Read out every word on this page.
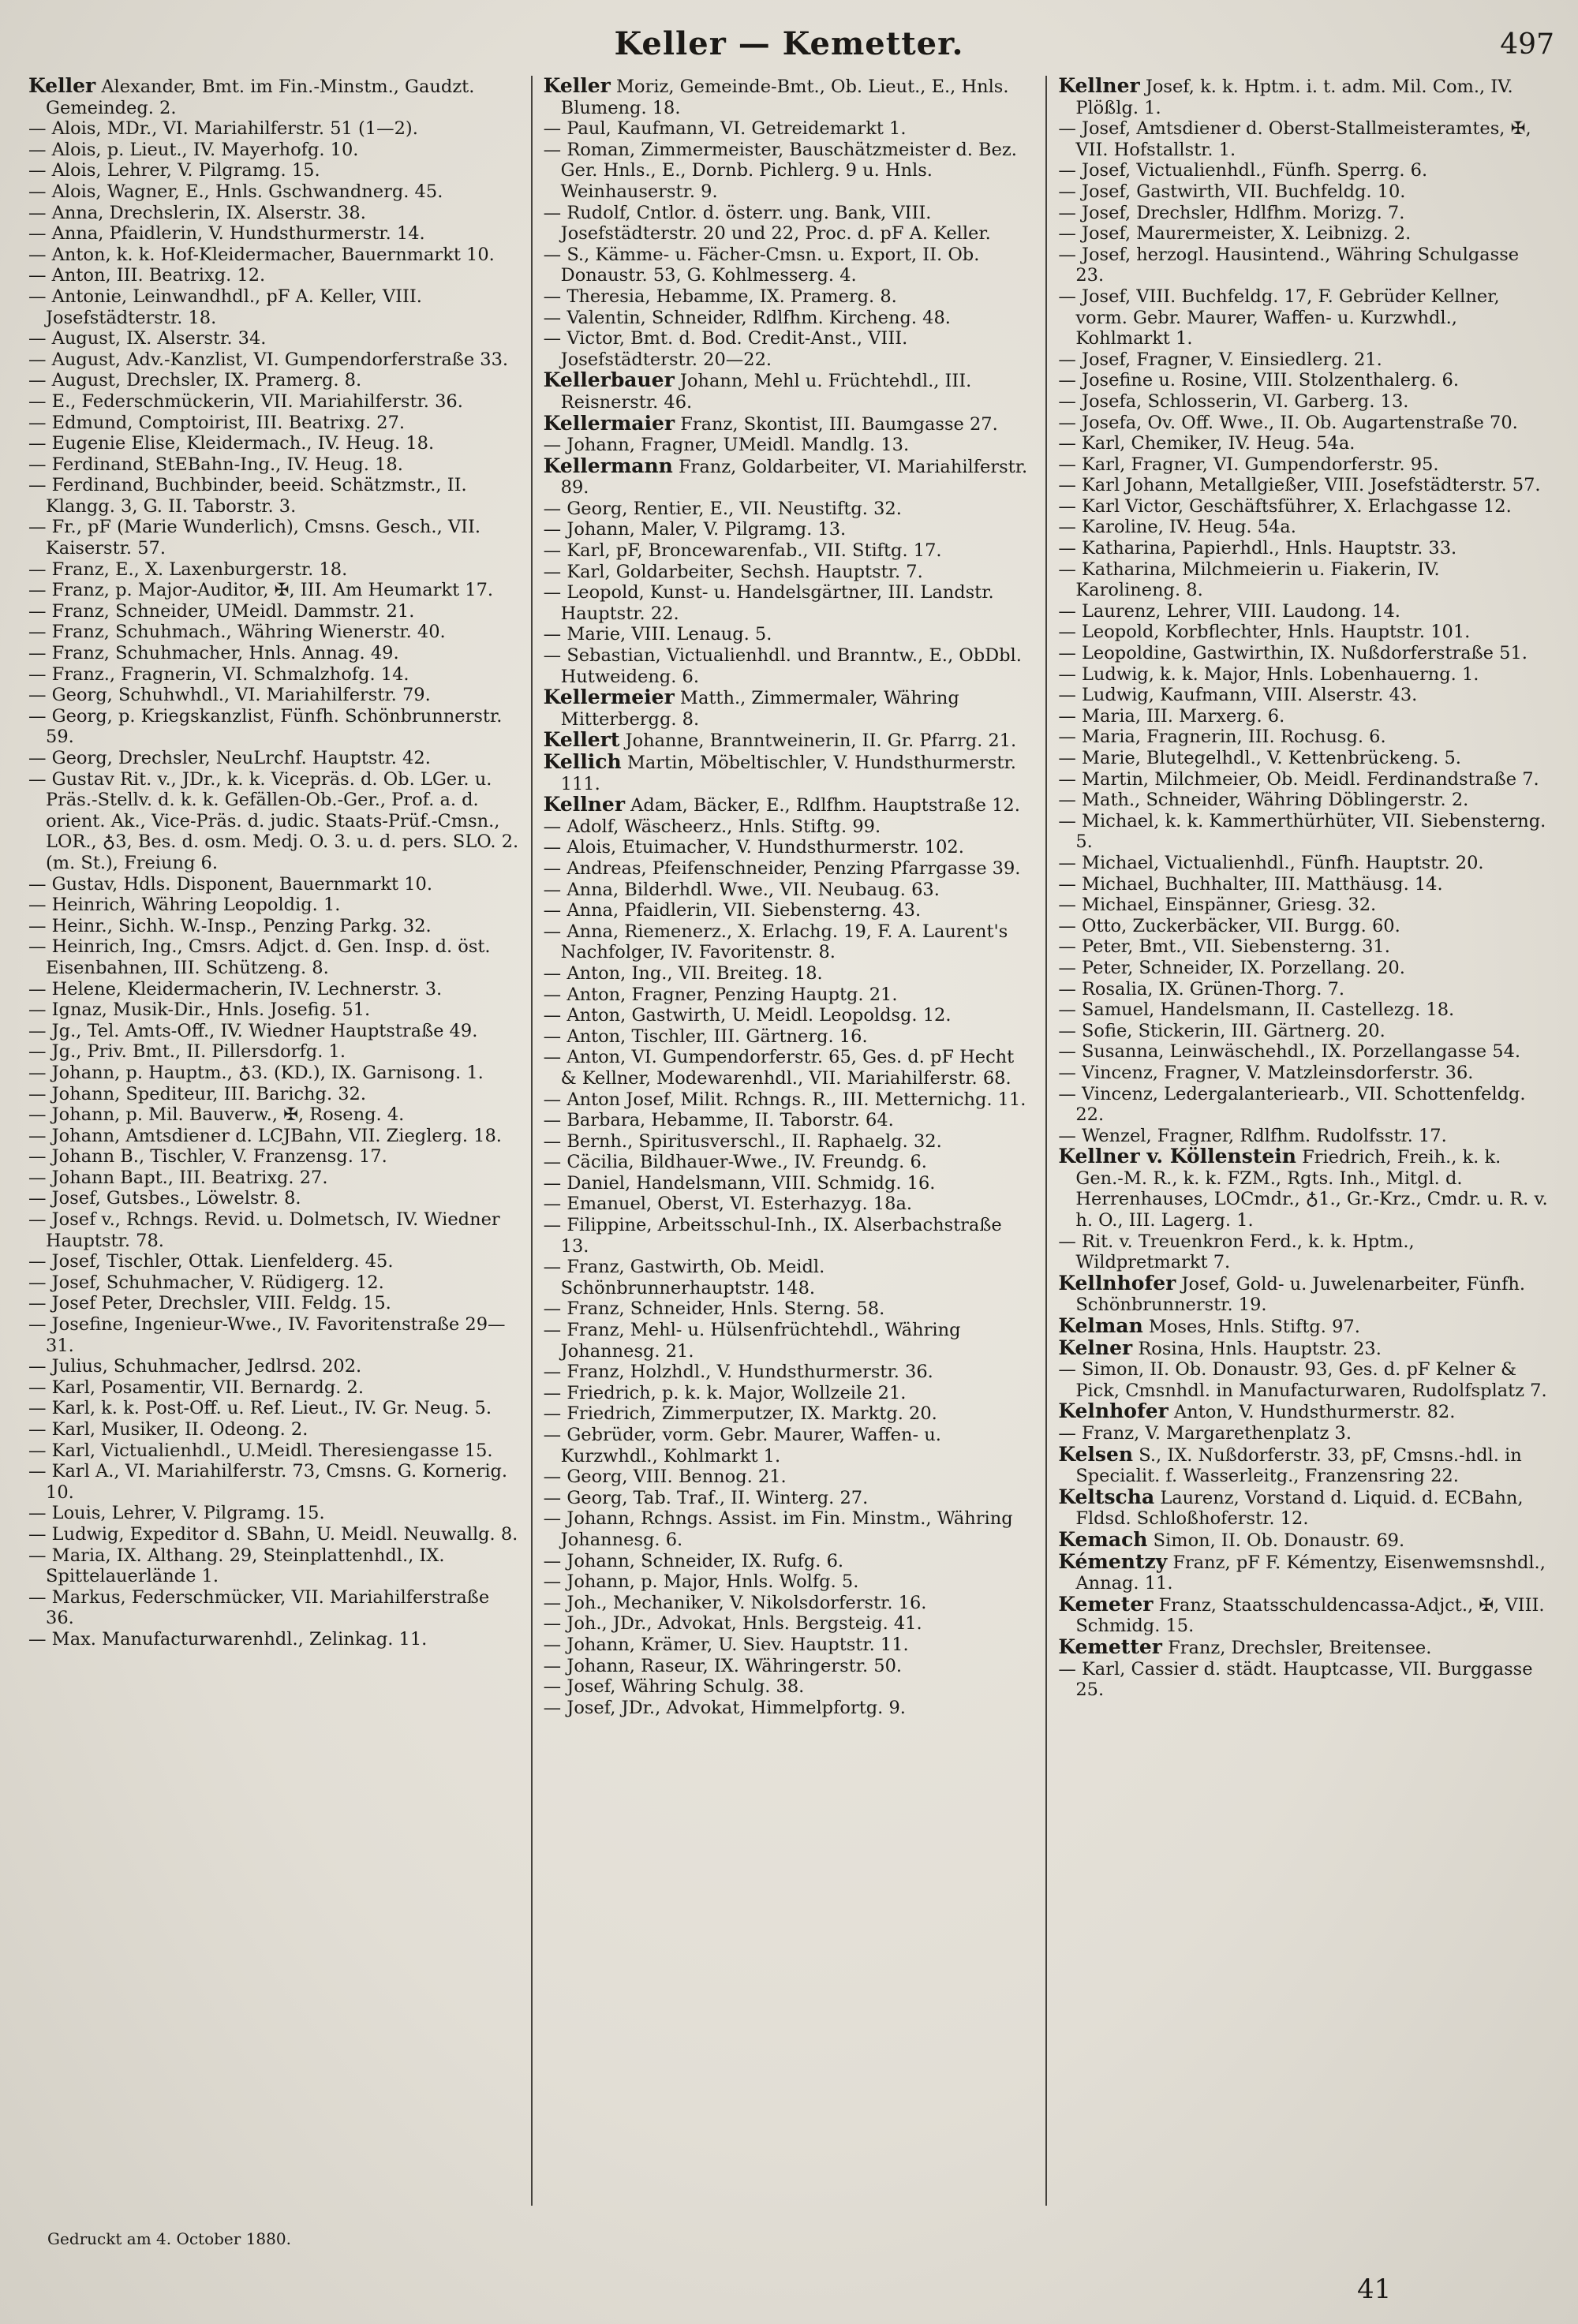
Keller — Kemetter.	497

Keller Alexander, Bmt. im Fin.-Minstm., Gaudzt. Gemeindeg. 2.

— Alois, MDr., VI. Mariahilferstr. 51 (1—2).

— Alois, p. Lieut., IV. Mayerhofg. 10.

— Alois, Lehrer, V. Pilgramg. 15.

— Alois, Wagner, E., Hnls. Gschwandnerg. 45.

— Anna, Drechslerin, IX. Alserstr. 38.

— Anna, Pfaidlerin, V. Hundsthurmerstr. 14.

— Anton, k. k. Hof-Kleidermacher, Bauernmarkt 10.

— Anton, III. Beatrixg. 12.

— Antonie, Leinwandhdl., pF A. Keller, VIII. Josefstädterstr. 18.

— August, IX. Alserstr. 34.

— August, Adv.-Kanzlist, VI. Gumpendorferstraße 33.

— August, Drechsler, IX. Pramerg. 8.

— E., Federschmückerin, VII. Mariahilferstr. 36.

— Edmund, Comptoirist, III. Beatrixg. 27.

— Eugenie Elise, Kleidermach., IV. Heug. 18.

— Ferdinand, StEBahn-Ing., IV. Heug. 18.

— Ferdinand, Buchbinder, beeid. Schätzmstr., II. Klangg. 3, G. II. Taborstr. 3.

— Fr., pF (Marie Wunderlich), Cmsns. Gesch., VII. Kaiserstr. 57.

— Franz, E., X. Laxenburgerstr. 18.

— Franz, p. Major-Auditor, ✠, III. Am Heumarkt 17.

— Franz, Schneider, UMeidl. Dammstr. 21.

— Franz, Schuhmach., Währing Wienerstr. 40.

— Franz, Schuhmacher, Hnls. Annag. 49.

— Franz., Fragnerin, VI. Schmalzhofg. 14.

— Georg, Schuhwhdl., VI. Mariahilferstr. 79.

— Georg, p. Kriegskanzlist, Fünfh. Schönbrunnerstr. 59.

— Georg, Drechsler, NeuLrchf. Hauptstr. 42.

— Gustav Rit. v., JDr., k. k. Vicepräs. d. Ob. LGer. u. Präs.-Stellv. d. k. k. Gefällen-Ob.-Ger., Prof. a. d. orient. Ak., Vice-Präs. d. judic. Staats-Prüf.-Cmsn., LOR., ♁3, Bes. d. osm. Medj. O. 3. u. d. pers. SLO. 2. (m. St.), Freiung 6.

— Gustav, Hdls. Disponent, Bauernmarkt 10.

— Heinrich, Währing Leopoldig. 1.

— Heinr., Sichh. W.-Insp., Penzing Parkg. 32.

— Heinrich, Ing., Cmsrs. Adjct. d. Gen. Insp. d. öst. Eisenbahnen, III. Schützeng. 8.

— Helene, Kleidermacherin, IV. Lechnerstr. 3.

— Ignaz, Musik-Dir., Hnls. Josefig. 51.

— Jg., Tel. Amts-Off., IV. Wiedner Hauptstraße 49.

— Jg., Priv. Bmt., II. Pillersdorfg. 1.

— Johann, p. Hauptm., ♁3. (KD.), IX. Garnisong. 1.

— Johann, Spediteur, III. Barichg. 32.

— Johann, p. Mil. Bauverw., ✠, Roseng. 4.

— Johann, Amtsdiener d. LCJBahn, VII. Zieglerg. 18.

— Johann B., Tischler, V. Franzensg. 17.

— Johann Bapt., III. Beatrixg. 27.

— Josef, Gutsbes., Löwelstr. 8.

— Josef v., Rchngs. Revid. u. Dolmetsch, IV. Wiedner Hauptstr. 78.

— Josef, Tischler, Ottak. Lienfelderg. 45.

— Josef, Schuhmacher, V. Rüdigerg. 12.

— Josef Peter, Drechsler, VIII. Feldg. 15.

— Josefine, Ingenieur-Wwe., IV. Favoritenstraße 29—31.

— Julius, Schuhmacher, Jedlrsd. 202.

— Karl, Posamentir, VII. Bernardg. 2.

— Karl, k. k. Post-Off. u. Ref. Lieut., IV. Gr. Neug. 5.

— Karl, Musiker, II. Odeong. 2.

— Karl, Victualienhdl., U.Meidl. Theresiengasse 15.

— Karl A., VI. Mariahilferstr. 73, Cmsns. G. Kornerig. 10.

— Louis, Lehrer, V. Pilgramg. 15.

— Ludwig, Expeditor d. SBahn, U. Meidl. Neuwallg. 8.

— Maria, IX. Althang. 29, Steinplattenhdl., IX. Spittelauerlände 1.

— Markus, Federschmücker, VII. Mariahilferstraße 36.

— Max. Manufacturwarenhdl., Zelinkag. 11.

Keller Moriz, Gemeinde-Bmt., Ob. Lieut., E., Hnls. Blumeng. 18.

— Paul, Kaufmann, VI. Getreidemarkt 1.

— Roman, Zimmermeister, Bauschätzmeister d. Bez. Ger. Hnls., E., Dornb. Pichlerg. 9 u. Hnls. Weinhauserstr. 9.

— Rudolf, Cntlor. d. österr. ung. Bank, VIII. Josefstädterstr. 20 und 22, Proc. d. pF A. Keller.

— S., Kämme- u. Fächer-Cmsn. u. Export, II. Ob. Donaustr. 53, G. Kohlmesserg. 4.

— Theresia, Hebamme, IX. Pramerg. 8.

— Valentin, Schneider, Rdlfhm. Kircheng. 48.

— Victor, Bmt. d. Bod. Credit-Anst., VIII. Josefstädterstr. 20—22.

Kellerbauer Johann, Mehl u. Früchtehdl., III. Reisnerstr. 46.

Kellermaier Franz, Skontist, III. Baumgasse 27.

— Johann, Fragner, UMeidl. Mandlg. 13.

Kellermann Franz, Goldarbeiter, VI. Mariahilferstr. 89.

— Georg, Rentier, E., VII. Neustiftg. 32.

— Johann, Maler, V. Pilgramg. 13.

— Karl, pF, Broncewarenfab., VII. Stiftg. 17.

— Karl, Goldarbeiter, Sechsh. Hauptstr. 7.

— Leopold, Kunst- u. Handelsgärtner, III. Landstr. Hauptstr. 22.

— Marie, VIII. Lenaug. 5.

— Sebastian, Victualienhdl. und Branntw., E., ObDbl. Hutweideng. 6.

Kellermeier Matth., Zimmermaler, Währing Mitterbergg. 8.

Kellert Johanne, Branntweinerin, II. Gr. Pfarrg. 21.

Kellich Martin, Möbeltischler, V. Hundsthurmerstr. 111.

Kellner Adam, Bäcker, E., Rdlfhm. Hauptstraße 12.

— Adolf, Wäscheerz., Hnls. Stiftg. 99.

— Alois, Etuimacher, V. Hundsthurmerstr. 102.

— Andreas, Pfeifenschneider, Penzing Pfarrgasse 39.

— Anna, Bilderhdl. Wwe., VII. Neubaug. 63.

— Anna, Pfaidlerin, VII. Siebensterng. 43.

— Anna, Riemenerz., X. Erlachg. 19, F. A. Laurent's Nachfolger, IV. Favoritenstr. 8.

— Anton, Ing., VII. Breiteg. 18.

— Anton, Fragner, Penzing Hauptg. 21.

— Anton, Gastwirth, U. Meidl. Leopoldsg. 12.

— Anton, Tischler, III. Gärtnerg. 16.

— Anton, VI. Gumpendorferstr. 65, Ges. d. pF Hecht & Kellner, Modewarenhdl., VII. Mariahilferstr. 68.

— Anton Josef, Milit. Rchngs. R., III. Metternichg. 11.

— Barbara, Hebamme, II. Taborstr. 64.

— Bernh., Spiritusverschl., II. Raphaelg. 32.

— Cäcilia, Bildhauer-Wwe., IV. Freundg. 6.

— Daniel, Handelsmann, VIII. Schmidg. 16.

— Emanuel, Oberst, VI. Esterhazyg. 18a.

— Filippine, Arbeitsschul-Inh., IX. Alserbachstraße 13.

— Franz, Gastwirth, Ob. Meidl. Schönbrunnerhauptstr. 148.

— Franz, Schneider, Hnls. Sterng. 58.

— Franz, Mehl- u. Hülsenfrüchtehdl., Währing Johannesg. 21.

— Franz, Holzhdl., V. Hundsthurmerstr. 36.

— Friedrich, p. k. k. Major, Wollzeile 21.

— Friedrich, Zimmerputzer, IX. Marktg. 20.

— Gebrüder, vorm. Gebr. Maurer, Waffen- u. Kurzwhdl., Kohlmarkt 1.

— Georg, VIII. Bennog. 21.

— Georg, Tab. Traf., II. Winterg. 27.

— Johann, Rchngs. Assist. im Fin. Minstm., Währing Johannesg. 6.

— Johann, Schneider, IX. Rufg. 6.

— Johann, p. Major, Hnls. Wolfg. 5.

— Joh., Mechaniker, V. Nikolsdorferstr. 16.

— Joh., JDr., Advokat, Hnls. Bergsteig. 41.

— Johann, Krämer, U. Siev. Hauptstr. 11.

— Johann, Raseur, IX. Währingerstr. 50.

— Josef, Währing Schulg. 38.

— Josef, JDr., Advokat, Himmelpfortg. 9.

Kellner Josef, k. k. Hptm. i. t. adm. Mil. Com., IV. Plößlg. 1.

— Josef, Amtsdiener d. Oberst-Stallmeisteramtes, ✠, VII. Hofstallstr. 1.

— Josef, Victualienhdl., Fünfh. Sperrg. 6.

— Josef, Gastwirth, VII. Buchfeldg. 10.

— Josef, Drechsler, Hdlfhm. Morizg. 7.

— Josef, Maurermeister, X. Leibnizg. 2.

— Josef, herzogl. Hausintend., Währing Schulgasse 23.

— Josef, VIII. Buchfeldg. 17, F. Gebrüder Kellner, vorm. Gebr. Maurer, Waffen- u. Kurzwhdl., Kohlmarkt 1.

— Josef, Fragner, V. Einsiedlerg. 21.

— Josefine u. Rosine, VIII. Stolzenthalerg. 6.

— Josefa, Schlosserin, VI. Garberg. 13.

— Josefa, Ov. Off. Wwe., II. Ob. Augartenstraße 70.

— Karl, Chemiker, IV. Heug. 54a.

— Karl, Fragner, VI. Gumpendorferstr. 95.

— Karl Johann, Metallgießer, VIII. Josefstädterstr. 57.

— Karl Victor, Geschäftsführer, X. Erlachgasse 12.

— Karoline, IV. Heug. 54a.

— Katharina, Papierhdl., Hnls. Hauptstr. 33.

— Katharina, Milchmeierin u. Fiakerin, IV. Karolineng. 8.

— Laurenz, Lehrer, VIII. Laudong. 14.

— Leopold, Korbflechter, Hnls. Hauptstr. 101.

— Leopoldine, Gastwirthin, IX. Nußdorferstraße 51.

— Ludwig, k. k. Major, Hnls. Lobenhauerng. 1.

— Ludwig, Kaufmann, VIII. Alserstr. 43.

— Maria, III. Marxerg. 6.

— Maria, Fragnerin, III. Rochusg. 6.

— Marie, Blutegelhdl., V. Kettenbrückeng. 5.

— Martin, Milchmeier, Ob. Meidl. Ferdinandstraße 7.

— Math., Schneider, Währing Döblingerstr. 2.

— Michael, k. k. Kammerthürhüter, VII. Siebensterng. 5.

— Michael, Victualienhdl., Fünfh. Hauptstr. 20.

— Michael, Buchhalter, III. Matthäusg. 14.

— Michael, Einspänner, Griesg. 32.

— Otto, Zuckerbäcker, VII. Burgg. 60.

— Peter, Bmt., VII. Siebensterng. 31.

— Peter, Schneider, IX. Porzellang. 20.

— Rosalia, IX. Grünen-Thorg. 7.

— Samuel, Handelsmann, II. Castellezg. 18.

— Sofie, Stickerin, III. Gärtnerg. 20.

— Susanna, Leinwäschehdl., IX. Porzellangasse 54.

— Vincenz, Fragner, V. Matzleinsdorferstr. 36.

— Vincenz, Ledergalanteriearb., VII. Schottenfeldg. 22.

— Wenzel, Fragner, Rdlfhm. Rudolfsstr. 17.

Kellner v. Köllenstein Friedrich, Freih., k. k. Gen.-M. R., k. k. FZM., Rgts. Inh., Mitgl. d. Herrenhauses, LOCmdr., ♁1., Gr.-Krz., Cmdr. u. R. v. h. O., III. Lagerg. 1.

— Rit. v. Treuenkron Ferd., k. k. Hptm., Wildpretmarkt 7.

Kellnhofer Josef, Gold- u. Juwelenarbeiter, Fünfh. Schönbrunnerstr. 19.

Kelman Moses, Hnls. Stiftg. 97.

Kelner Rosina, Hnls. Hauptstr. 23.

— Simon, II. Ob. Donaustr. 93, Ges. d. pF Kelner & Pick, Cmsnhdl. in Manufacturwaren, Rudolfsplatz 7.

Kelnhofer Anton, V. Hundsthurmerstr. 82.

— Franz, V. Margarethenplatz 3.

Kelsen S., IX. Nußdorferstr. 33, pF, Cmsns.-hdl. in Specialit. f. Wasserleitg., Franzensring 22.

Keltscha Laurenz, Vorstand d. Liquid. d. ECBahn, Fldsd. Schloßhoferstr. 12.

Kemach Simon, II. Ob. Donaustr. 69.

Kémentzy Franz, pF F. Kémentzy, Eisenwemsnshdl., Annag. 11.

Kemeter Franz, Staatsschuldencassa-Adjct., ✠, VIII. Schmidg. 15.

Kemetter Franz, Drechsler, Breitensee.

— Karl, Cassier d. städt. Hauptcasse, VII. Burggasse 25.

Gedruckt am 4. October 1880.
41
